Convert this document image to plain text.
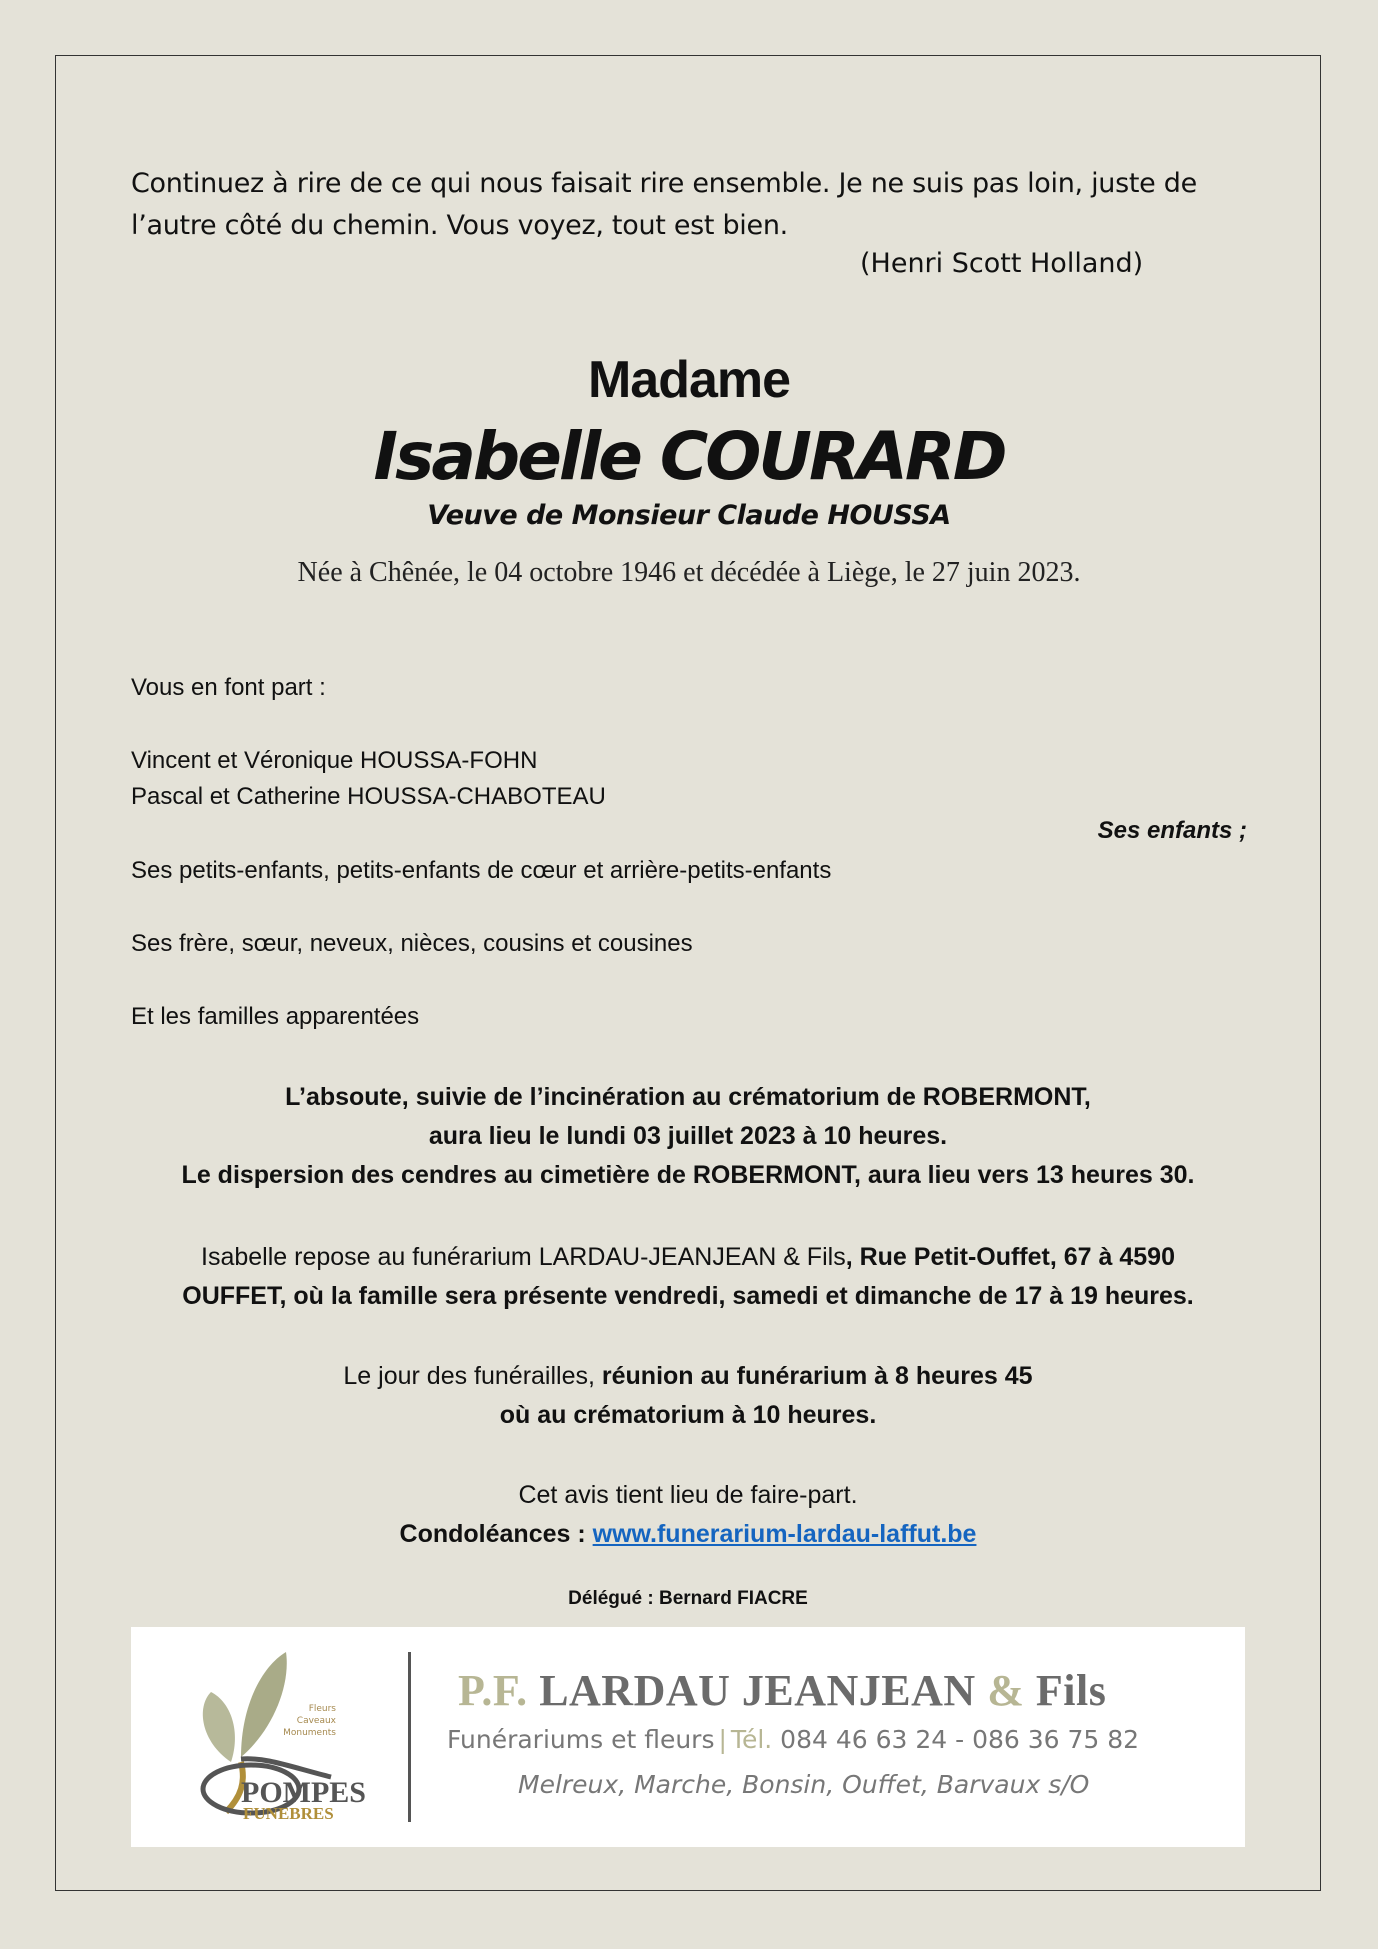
Continuez à rire de ce qui nous faisait rire ensemble. Je ne suis pas loin, juste de l’autre côté du chemin. Vous voyez, tout est bien.
(Henri Scott Holland)
Madame
Isabelle COURARD
Veuve de Monsieur Claude HOUSSA
Née à Chênée, le 04 octobre 1946 et décédée à Liège, le 27 juin 2023.
Vous en font part :
Vincent et Véronique HOUSSA-FOHN
Pascal et Catherine HOUSSA-CHABOTEAU
Ses enfants ;
Ses petits-enfants, petits-enfants de cœur et arrière-petits-enfants
Ses frère, sœur, neveux, nièces, cousins et cousines
Et les familles apparentées
L’absoute, suivie de l’incinération au crématorium de ROBERMONT,
aura lieu le lundi 03 juillet 2023 à 10 heures.
Le dispersion des cendres au cimetière de ROBERMONT, aura lieu vers 13 heures 30.
Isabelle repose au funérarium LARDAU-JEANJEAN & Fils, Rue Petit-Ouffet, 67 à 4590
OUFFET, où la famille sera présente vendredi, samedi et dimanche de 17 à 19 heures.
Le jour des funérailles, réunion au funérarium à 8 heures 45
où au crématorium à 10 heures.
Cet avis tient lieu de faire-part.
Condoléances : www.funerarium-lardau-laffut.be
Délégué : Bernard FIACRE
Fleurs
Caveaux
Monuments
POMPES
FUNEBRES
P.F. LARDAU JEANJEAN & Fils
Funérariums et fleurs | Tél. 084 46 63 24 - 086 36 75 82
Melreux, Marche, Bonsin, Ouffet, Barvaux s/O
